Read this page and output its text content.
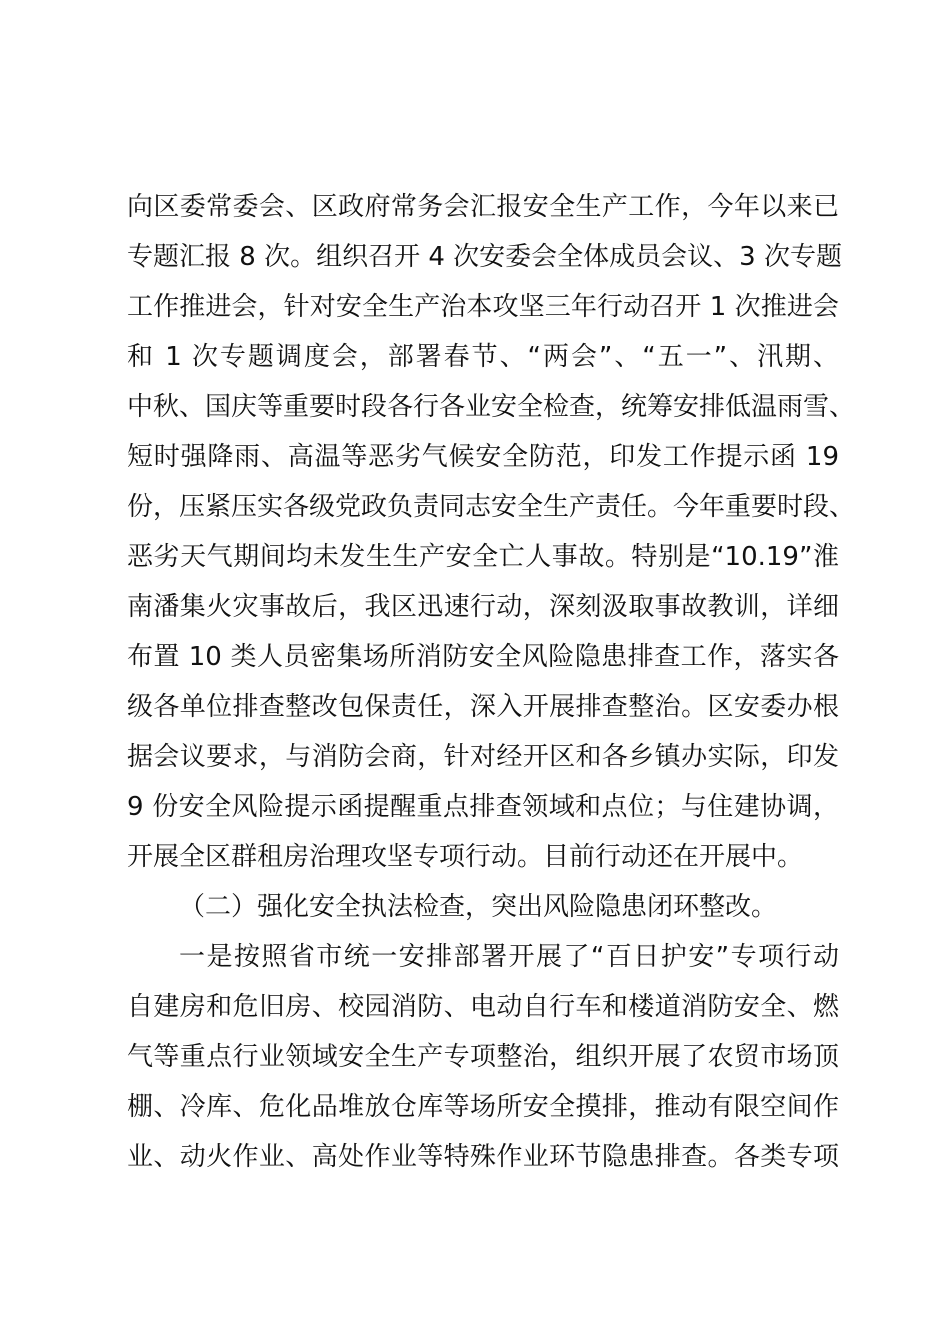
向区委常委会、区政府常务会汇报安全生产工作，今年以来已
专题汇报 8 次。组织召开 4 次安委会全体成员会议、3 次专题
工作推进会，针对安全生产治本攻坚三年行动召开 1 次推进会
和 1 次专题调度会，部署春节、“两会”、“五一”、汛期、
中秋、国庆等重要时段各行各业安全检查，统筹安排低温雨雪、
短时强降雨、高温等恶劣气候安全防范，印发工作提示函 19
份，压紧压实各级党政负责同志安全生产责任。今年重要时段、
恶劣天气期间均未发生生产安全亡人事故。特别是“10.19”淮
南潘集火灾事故后，我区迅速行动，深刻汲取事故教训，详细
布置 10 类人员密集场所消防安全风险隐患排查工作，落实各
级各单位排查整改包保责任，深入开展排查整治。区安委办根
据会议要求，与消防会商，针对经开区和各乡镇办实际，印发
9 份安全风险提示函提醒重点排查领域和点位；与住建协调，
开展全区群租房治理攻坚专项行动。目前行动还在开展中。
（二）强化安全执法检查，突出风险隐患闭环整改。
一是按照省市统一安排部署开展了“百日护安”专项行动
自建房和危旧房、校园消防、电动自行车和楼道消防安全、燃
气等重点行业领域安全生产专项整治，组织开展了农贸市场顶
棚、冷库、危化品堆放仓库等场所安全摸排，推动有限空间作
业、动火作业、高处作业等特殊作业环节隐患排查。各类专项
